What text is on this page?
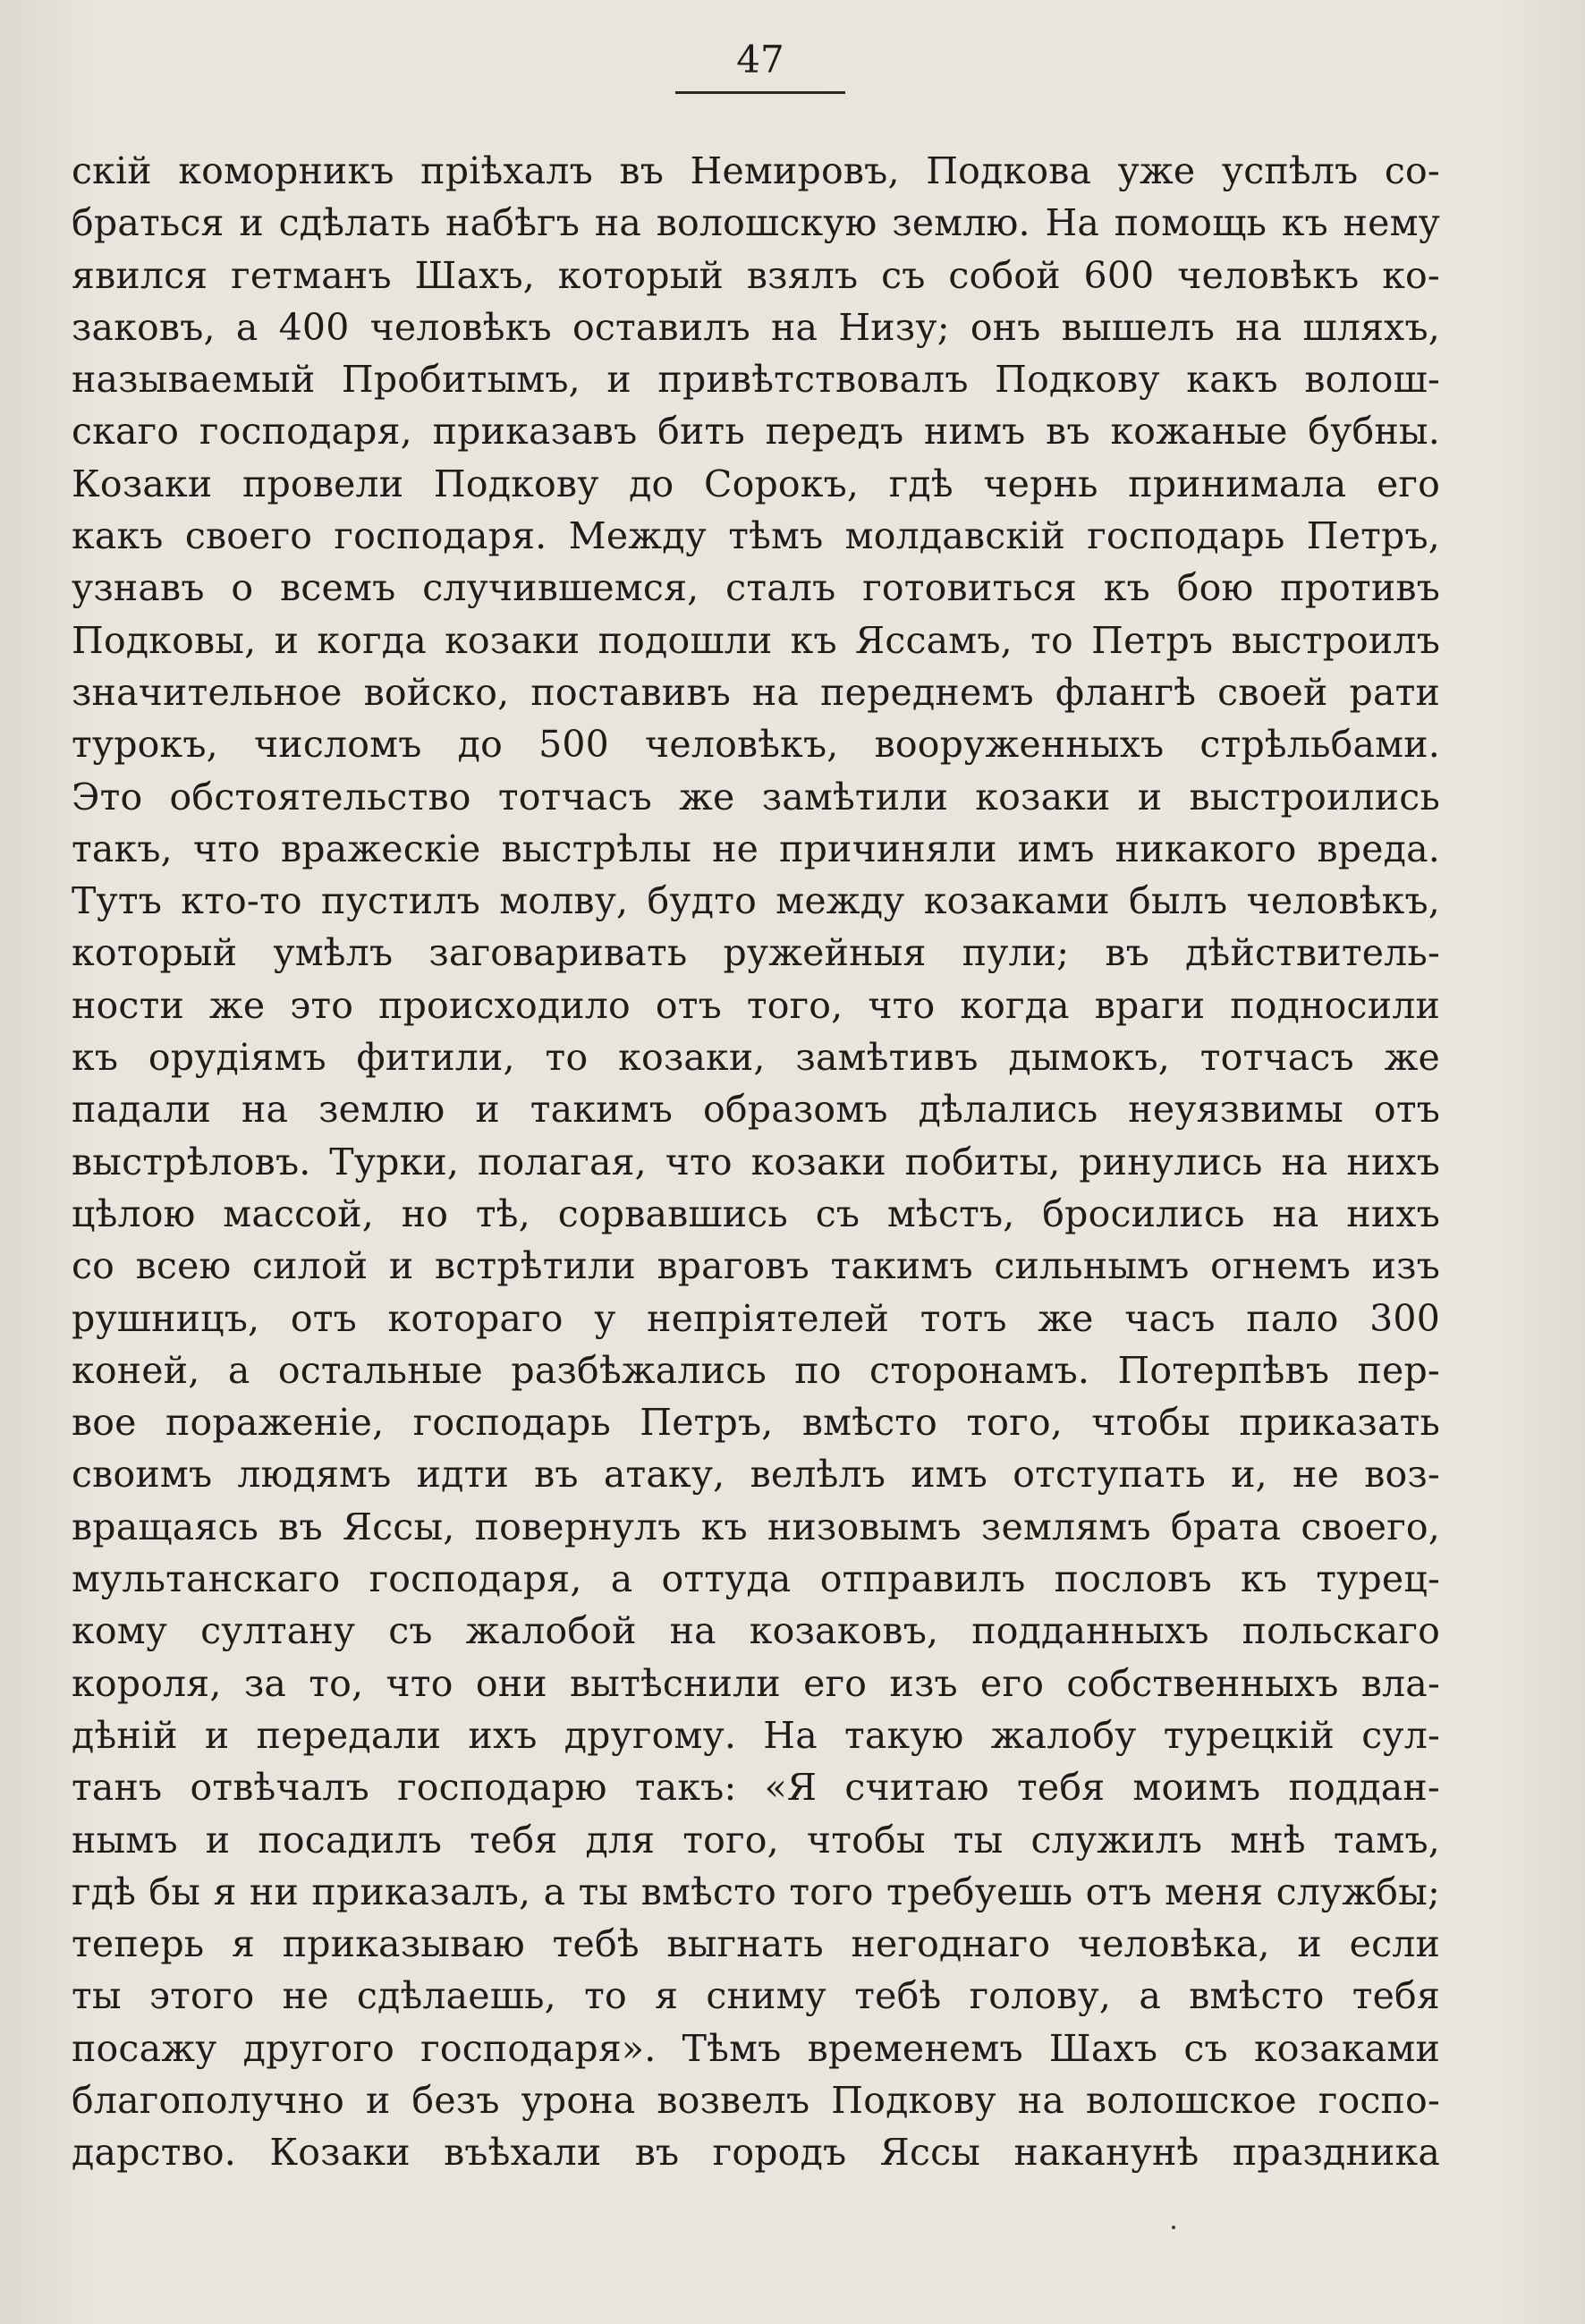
47
скій коморникъ пріѣхалъ въ Немировъ, Подкова уже успѣлъ со-
браться и сдѣлать набѣгъ на волошскую землю. На помощь къ нему
явился гетманъ Шахъ, который взялъ съ собой 600 человѣкъ ко-
заковъ, а 400 человѣкъ оставилъ на Низу; онъ вышелъ на шляхъ,
называемый Пробитымъ, и привѣтствовалъ Подкову какъ волош-
скаго господаря, приказавъ бить передъ нимъ въ кожаные бубны.
Козаки провели Подкову до Сорокъ, гдѣ чернь принимала его
какъ своего господаря. Между тѣмъ молдавскій господарь Петръ,
узнавъ о всемъ случившемся, сталъ готовиться къ бою противъ
Подковы, и когда козаки подошли къ Яссамъ, то Петръ выстроилъ
значительное войско, поставивъ на переднемъ флангѣ своей рати
турокъ, числомъ до 500 человѣкъ, вооруженныхъ стрѣльбами.
Это обстоятельство тотчасъ же замѣтили козаки и выстроились
такъ, что вражескіе выстрѣлы не причиняли имъ никакого вреда.
Тутъ кто-то пустилъ молву, будто между козаками былъ человѣкъ,
который умѣлъ заговаривать ружейныя пули; въ дѣйствитель-
ности же это происходило отъ того, что когда враги подносили
къ орудіямъ фитили, то козаки, замѣтивъ дымокъ, тотчасъ же
падали на землю и такимъ образомъ дѣлались неуязвимы отъ
выстрѣловъ. Турки, полагая, что козаки побиты, ринулись на нихъ
цѣлою массой, но тѣ, сорвавшись съ мѣстъ, бросились на нихъ
со всею силой и встрѣтили враговъ такимъ сильнымъ огнемъ изъ
рушницъ, отъ котораго у непріятелей тотъ же часъ пало 300
коней, а остальные разбѣжались по сторонамъ. Потерпѣвъ пер-
вое пораженіе, господарь Петръ, вмѣсто того, чтобы приказать
своимъ людямъ идти въ атаку, велѣлъ имъ отступать и, не воз-
вращаясь въ Яссы, повернулъ къ низовымъ землямъ брата своего,
мультанскаго господаря, а оттуда отправилъ пословъ къ турец-
кому султану съ жалобой на козаковъ, подданныхъ польскаго
короля, за то, что они вытѣснили его изъ его собственныхъ вла-
дѣній и передали ихъ другому. На такую жалобу турецкій сул-
танъ отвѣчалъ господарю такъ: «Я считаю тебя моимъ поддан-
нымъ и посадилъ тебя для того, чтобы ты служилъ мнѣ тамъ,
гдѣ бы я ни приказалъ, а ты вмѣсто того требуешь отъ меня службы;
теперь я приказываю тебѣ выгнать негоднаго человѣка, и если
ты этого не сдѣлаешь, то я сниму тебѣ голову, а вмѣсто тебя
посажу другого господаря». Тѣмъ временемъ Шахъ съ козаками
благополучно и безъ урона возвелъ Подкову на волошское госпо-
дарство. Козаки въѣхали въ городъ Яссы наканунѣ праздника
